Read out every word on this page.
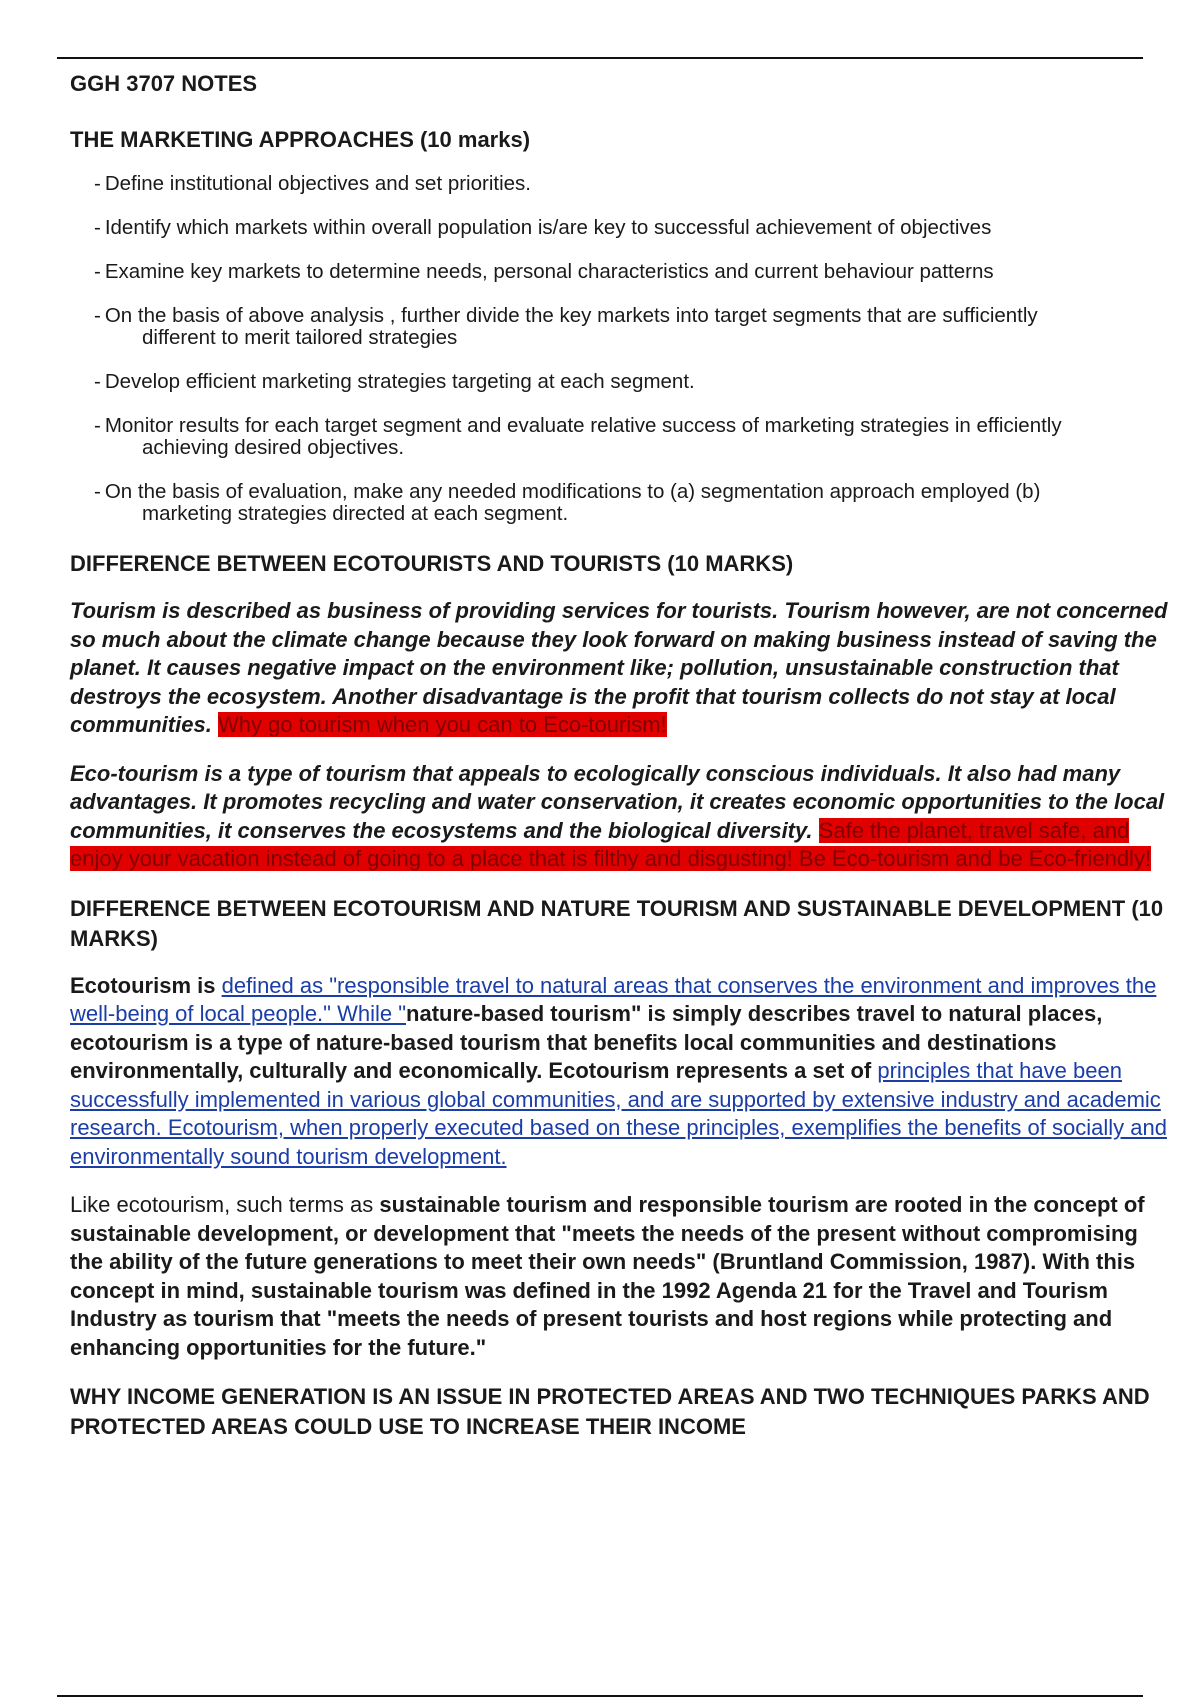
GGH 3707 NOTES
THE MARKETING APPROACHES (10 marks)
- Define institutional objectives and set priorities.
- Identify which markets within overall population is/are key to successful achievement of objectives
- Examine key markets to determine needs, personal characteristics and current behaviour patterns
- On the basis of above analysis , further divide the key markets into target segments that are sufficiently
different to merit tailored strategies
- Develop efficient marketing strategies targeting at each segment.
- Monitor results for each target segment and evaluate relative success of marketing strategies in efficiently
achieving desired objectives.
- On the basis of evaluation, make any needed modifications to (a) segmentation approach employed (b)
marketing strategies directed at each segment.
DIFFERENCE BETWEEN ECOTOURISTS AND TOURISTS (10 MARKS)

Tourism is described as business of providing services for tourists. Tourism however, are not concerned so much about the climate change because they look forward on making business instead of saving the planet. It causes negative impact on the environment like; pollution, unsustainable construction that destroys the ecosystem. Another disadvantage is the profit that tourism collects do not stay at local communities. Why go tourism when you can to Eco-tourism!

Eco-tourism is a type of tourism that appeals to ecologically conscious individuals. It also had many advantages. It promotes recycling and water conservation, it creates economic opportunities to the local communities, it conserves the ecosystems and the biological diversity. Safe the planet, travel safe, and enjoy your vacation instead of going to a place that is filthy and disgusting! Be Eco-tourism and be Eco-friendly!

DIFFERENCE BETWEEN ECOTOURISM AND NATURE TOURISM AND SUSTAINABLE DEVELOPMENT (10 MARKS)

Ecotourism is defined as "responsible travel to natural areas that conserves the environment and improves the well-being of local people." While "nature-based tourism" is simply describes travel to natural places, ecotourism is a type of nature-based tourism that benefits local communities and destinations environmentally, culturally and economically. Ecotourism represents a set of principles that have been successfully implemented in various global communities, and are supported by extensive industry and academic research. Ecotourism, when properly executed based on these principles, exemplifies the benefits of socially and environmentally sound tourism development.

Like ecotourism, such terms as sustainable tourism and responsible tourism are rooted in the concept of sustainable development, or development that "meets the needs of the present without compromising the ability of the future generations to meet their own needs" (Bruntland Commission, 1987). With this concept in mind, sustainable tourism was defined in the 1992 Agenda 21 for the Travel and Tourism Industry as tourism that "meets the needs of present tourists and host regions while protecting and enhancing opportunities for the future."

WHY INCOME GENERATION IS AN ISSUE IN PROTECTED AREAS AND TWO TECHNIQUES PARKS AND PROTECTED AREAS COULD USE TO INCREASE THEIR INCOME
